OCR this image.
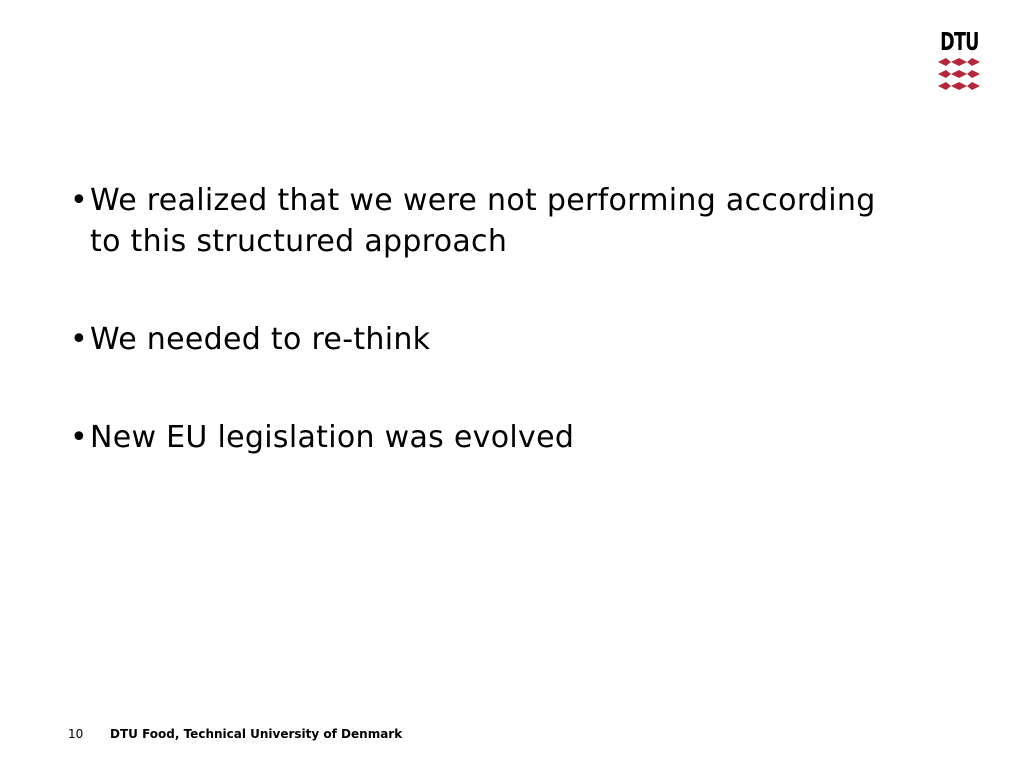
DTU
• We realized that we were not performing according to this structured approach
• We needed to re-think
• New EU legislation was evolved
10	DTU Food, Technical University of Denmark
